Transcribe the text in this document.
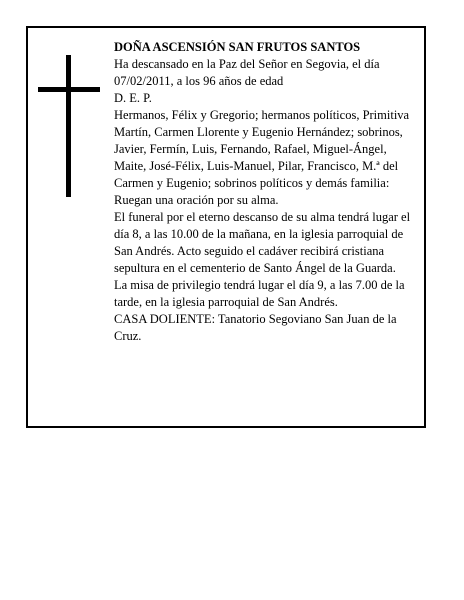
DOÑA ASCENSIÓN SAN FRUTOS SANTOS

Ha descansado en la Paz del Señor en Segovia, el día 07/02/2011, a los 96 años de edad

D. E. P.

Hermanos, Félix y Gregorio; hermanos políticos, Primitiva Martín, Carmen Llorente y Eugenio Hernández; sobrinos, Javier, Fermín, Luis, Fernando, Rafael, Miguel-Ángel, Maite, José-Félix, Luis-Manuel, Pilar, Francisco, M.ª del Carmen y Eugenio; sobrinos políticos y demás familia:

Ruegan una oración por su alma.

El funeral por el eterno descanso de su alma tendrá lugar el día 8, a las 10.00 de la mañana, en la iglesia parroquial de San Andrés. Acto seguido el cadáver recibirá cristiana sepultura en el cementerio de Santo Ángel de la Guarda.

La misa de privilegio tendrá lugar el día 9, a las 7.00 de la tarde, en la iglesia parroquial de San Andrés.

CASA DOLIENTE: Tanatorio Segoviano San Juan de la Cruz.
